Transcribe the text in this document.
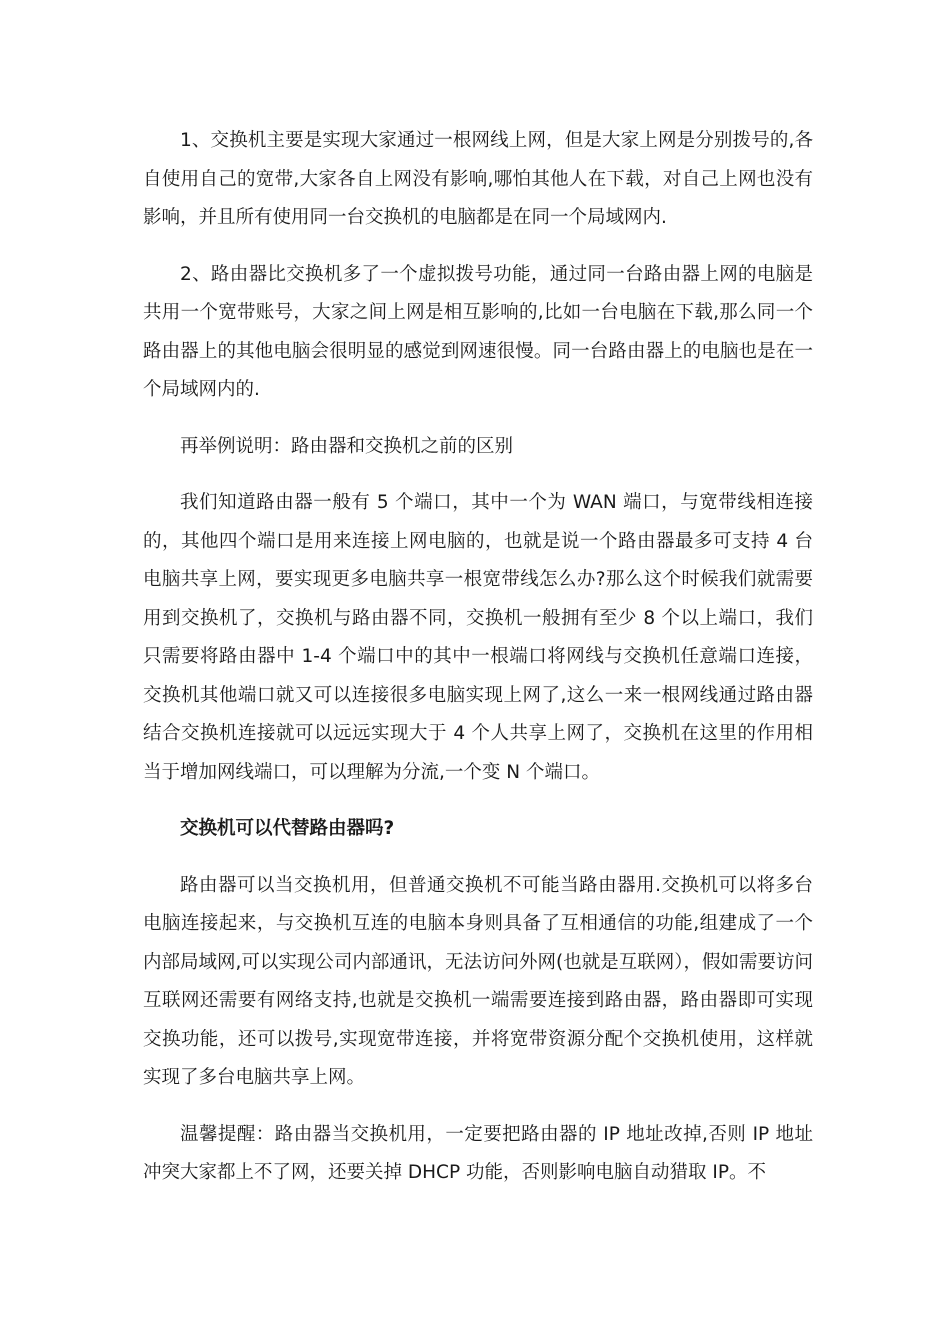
1、交换机主要是实现大家通过一根网线上网，但是大家上网是分别拨号的,各自使用自己的宽带,大家各自上网没有影响,哪怕其他人在下载，对自己上网也没有影响，并且所有使用同一台交换机的电脑都是在同一个局域网内.

2、路由器比交换机多了一个虚拟拨号功能，通过同一台路由器上网的电脑是共用一个宽带账号，大家之间上网是相互影响的,比如一台电脑在下载,那么同一个路由器上的其他电脑会很明显的感觉到网速很慢。同一台路由器上的电脑也是在一个局域网内的.

再举例说明：路由器和交换机之前的区别

我们知道路由器一般有 5 个端口，其中一个为 WAN 端口，与宽带线相连接的，其他四个端口是用来连接上网电脑的，也就是说一个路由器最多可支持 4 台电脑共享上网，要实现更多电脑共享一根宽带线怎么办?那么这个时候我们就需要用到交换机了，交换机与路由器不同，交换机一般拥有至少 8 个以上端口，我们只需要将路由器中 1-4 个端口中的其中一根端口将网线与交换机任意端口连接，交换机其他端口就又可以连接很多电脑实现上网了,这么一来一根网线通过路由器结合交换机连接就可以远远实现大于 4 个人共享上网了，交换机在这里的作用相当于增加网线端口，可以理解为分流,一个变 N 个端口。

交换机可以代替路由器吗?

路由器可以当交换机用，但普通交换机不可能当路由器用.交换机可以将多台电脑连接起来，与交换机互连的电脑本身则具备了互相通信的功能,组建成了一个内部局域网,可以实现公司内部通讯，无法访问外网(也就是互联网），假如需要访问互联网还需要有网络支持,也就是交换机一端需要连接到路由器，路由器即可实现交换功能，还可以拨号,实现宽带连接，并将宽带资源分配个交换机使用，这样就实现了多台电脑共享上网。

温馨提醒：路由器当交换机用，一定要把路由器的 IP 地址改掉,否则 IP 地址冲突大家都上不了网，还要关掉 DHCP 功能，否则影响电脑自动猎取 IP。不
